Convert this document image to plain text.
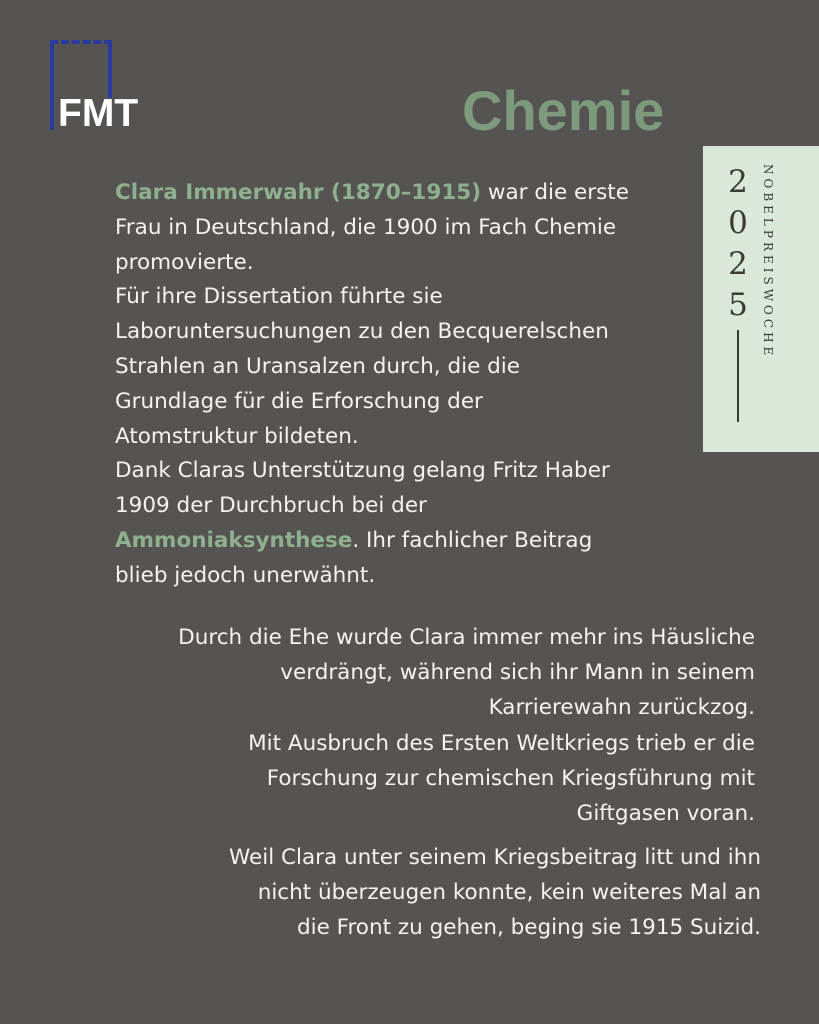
FMT	Chemie
2
0
2
5 NOBELPREISWOCHE

Clara Immerwahr (1870–1915) war die erste
Frau in Deutschland, die 1900 im Fach Chemie
promovierte.
Für ihre Dissertation führte sie
Laboruntersuchungen zu den Becquerelschen
Strahlen an Uransalzen durch, die die
Grundlage für die Erforschung der
Atomstruktur bildeten.
Dank Claras Unterstützung gelang Fritz Haber
1909 der Durchbruch bei der
Ammoniaksynthese. Ihr fachlicher Beitrag
blieb jedoch unerwähnt.

Durch die Ehe wurde Clara immer mehr ins Häusliche
verdrängt, während sich ihr Mann in seinem
Karrierewahn zurückzog.
Mit Ausbruch des Ersten Weltkriegs trieb er die
Forschung zur chemischen Kriegsführung mit
Giftgasen voran.

Weil Clara unter seinem Kriegsbeitrag litt und ihn
nicht überzeugen konnte, kein weiteres Mal an
die Front zu gehen, beging sie 1915 Suizid.
